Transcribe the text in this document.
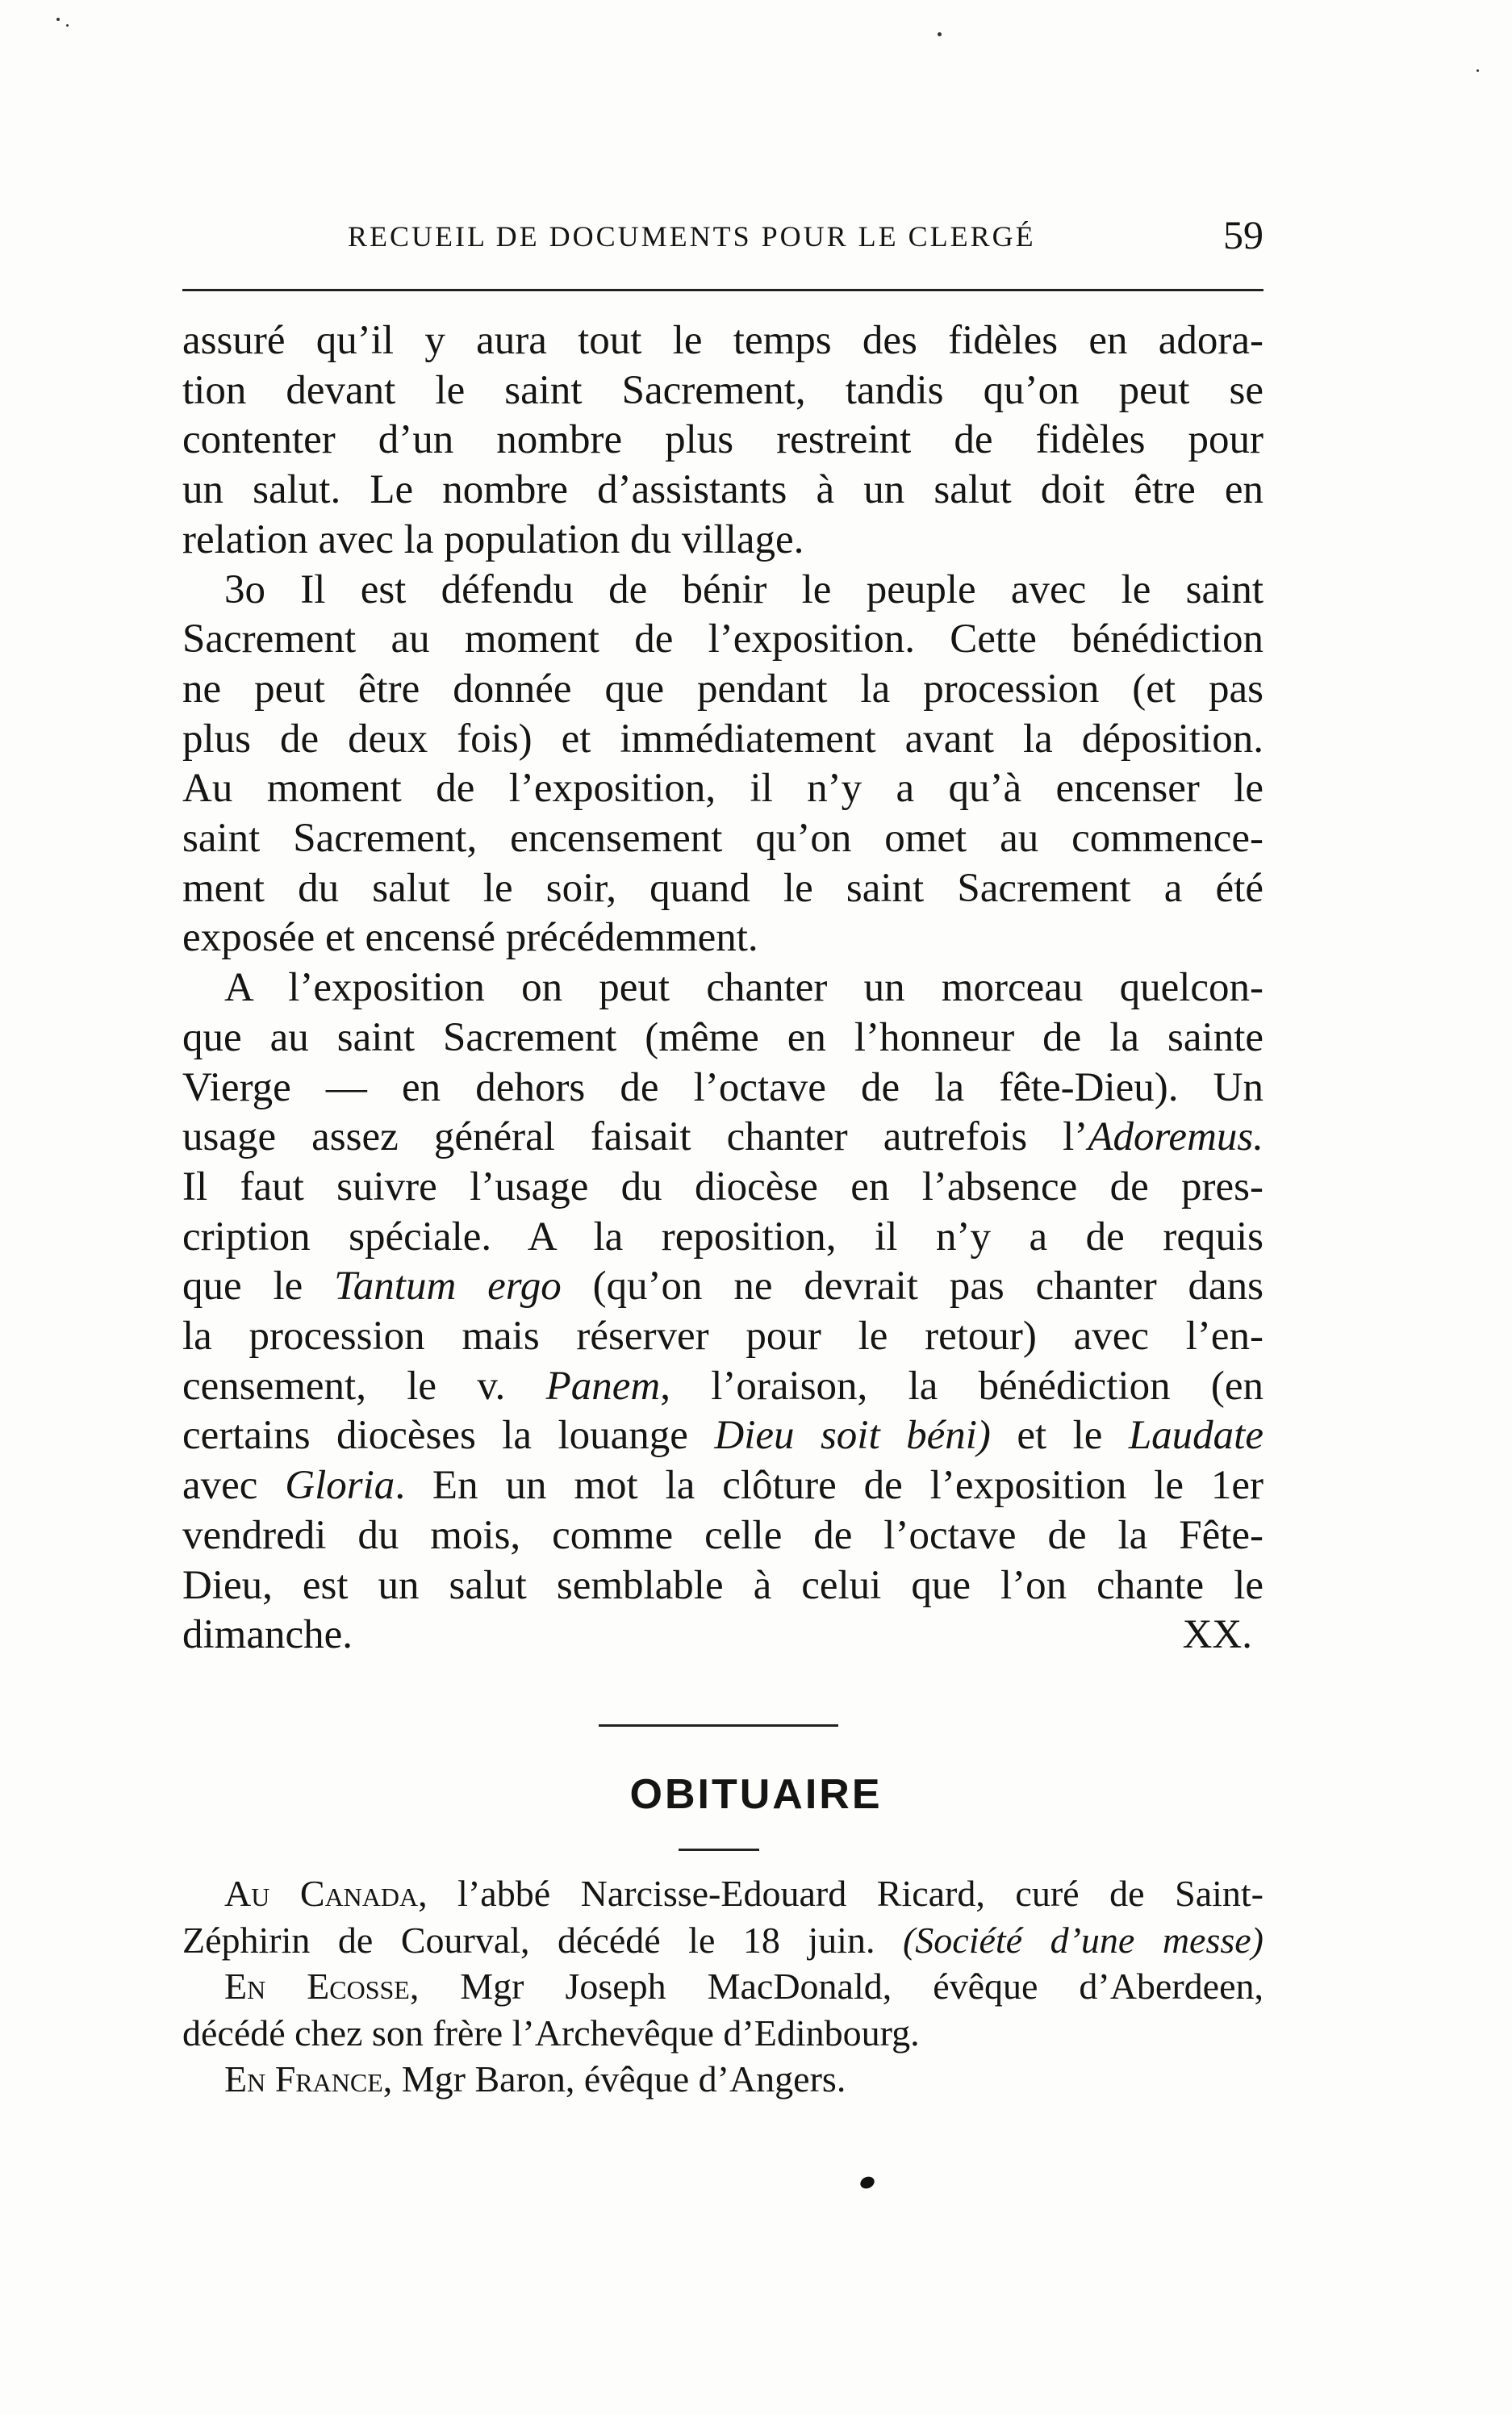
RECUEIL DE DOCUMENTS POUR LE CLERGÉ	59
assuré qu’il y aura tout le temps des fidèles en adora-
tion devant le saint Sacrement, tandis qu’on peut se
contenter d’un nombre plus restreint de fidèles pour
un salut. Le nombre d’assistants à un salut doit être en
relation avec la population du village.
3o Il est défendu de bénir le peuple avec le saint
Sacrement au moment de l’exposition. Cette bénédiction
ne peut être donnée que pendant la procession (et pas
plus de deux fois) et immédiatement avant la déposition.
Au moment de l’exposition, il n’y a qu’à encenser le
saint Sacrement, encensement qu’on omet au commence-
ment du salut le soir, quand le saint Sacrement a été
exposée et encensé précédemment.
A l’exposition on peut chanter un morceau quelcon-
que au saint Sacrement (même en l’honneur de la sainte
Vierge — en dehors de l’octave de la fête-Dieu). Un
usage assez général faisait chanter autrefois l’Adoremus.
Il faut suivre l’usage du diocèse en l’absence de pres-
cription spéciale. A la reposition, il n’y a de requis
que le Tantum ergo (qu’on ne devrait pas chanter dans
la procession mais réserver pour le retour) avec l’en-
censement, le v. Panem, l’oraison, la bénédiction (en
certains diocèses la louange Dieu soit béni) et le Laudate
avec Gloria. En un mot la clôture de l’exposition le 1er
vendredi du mois, comme celle de l’octave de la Fête-
Dieu, est un salut semblable à celui que l’on chante le
dimanche.	XX.
OBITUAIRE
Au Canada, l’abbé Narcisse-Edouard Ricard, curé de Saint-
Zéphirin de Courval, décédé le 18 juin. (Société d’une messe)
En Ecosse, Mgr Joseph MacDonald, évêque d’Aberdeen,
décédé chez son frère l’Archevêque d’Edinbourg.
En France, Mgr Baron, évêque d’Angers.
